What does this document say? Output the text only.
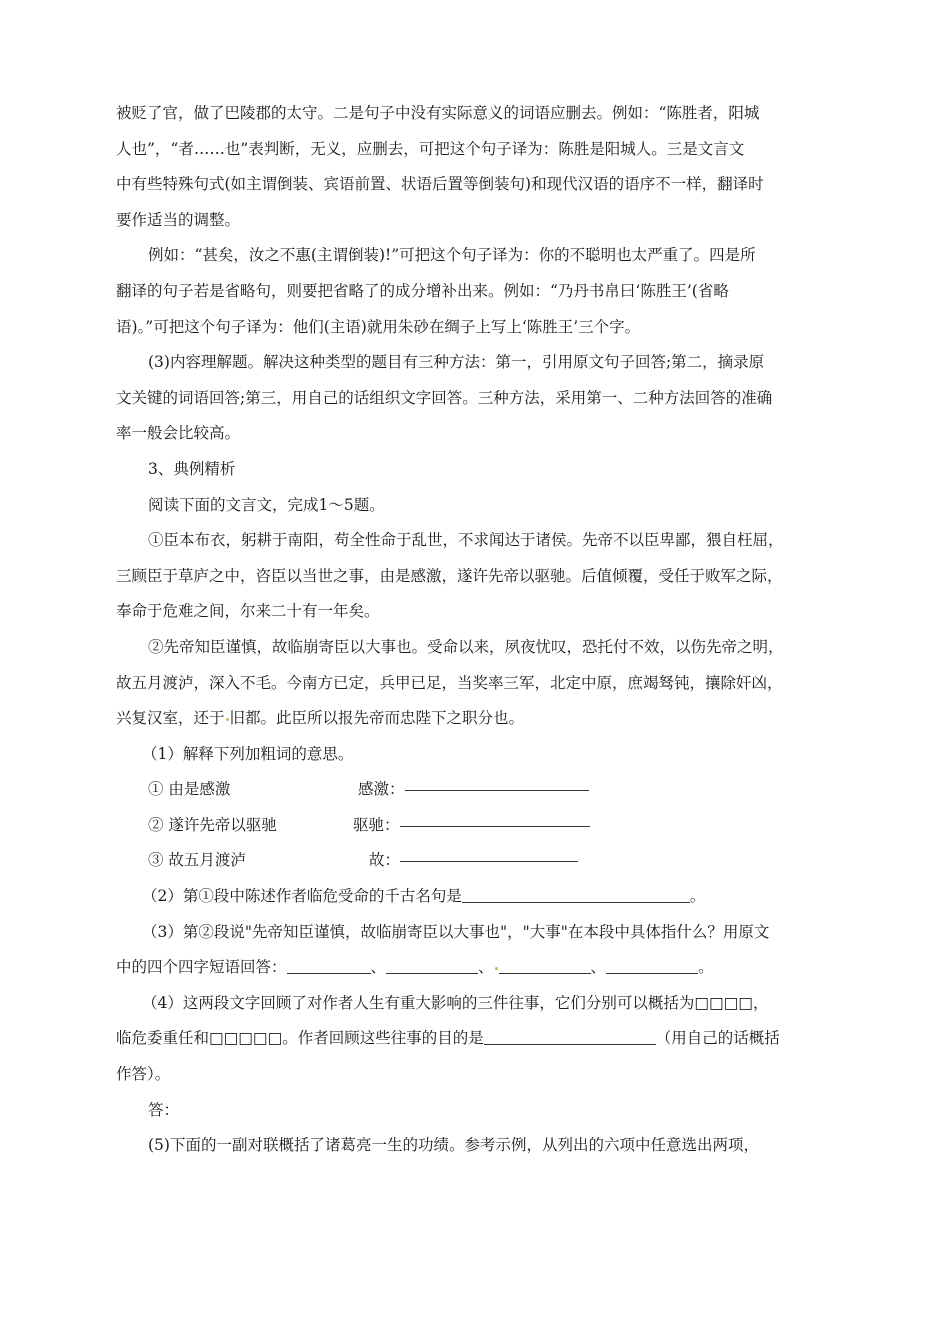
被贬了官，做了巴陵郡的太守。二是句子中没有实际意义的词语应删去。例如：“陈胜者，阳城
人也”，“者……也”表判断，无义，应删去，可把这个句子译为：陈胜是阳城人。三是文言文
中有些特殊句式(如主谓倒装、宾语前置、状语后置等倒装句)和现代汉语的语序不一样，翻译时
要作适当的调整。
例如：“甚矣，汝之不惠(主谓倒装)!”可把这个句子译为：你的不聪明也太严重了。四是所
翻译的句子若是省略句，则要把省略了的成分增补出来。例如：“乃丹书帛曰‘陈胜王’(省略
语)。”可把这个句子译为：他们(主语)就用朱砂在绸子上写上‘陈胜王’三个字。
(3)内容理解题。解决这种类型的题目有三种方法：第一，引用原文句子回答;第二，摘录原
文关键的词语回答;第三，用自己的话组织文字回答。三种方法，采用第一、二种方法回答的准确
率一般会比较高。
3、典例精析
阅读下面的文言文，完成1～5题。
①臣本布衣，躬耕于南阳，苟全性命于乱世，不求闻达于诸侯。先帝不以臣卑鄙，猥自枉屈，
三顾臣于草庐之中，咨臣以当世之事，由是感激，遂许先帝以驱驰。后值倾覆，受任于败军之际，
奉命于危难之间，尔来二十有一年矣。
②先帝知臣谨慎，故临崩寄臣以大事也。受命以来，夙夜忧叹，恐托付不效，以伤先帝之明，
故五月渡泸，深入不毛。今南方已定，兵甲已足，当奖率三军，北定中原，庶竭驽钝，攘除奸凶，
兴复汉室，还于 旧都。此臣所以报先帝而忠陛下之职分也。
（1）解释下列加粗词的意思。
① 由是感激	感激：
② 遂许先帝以驱驰	驱驰：
③ 故五月渡泸	故：
（2）第①段中陈述作者临危受命的千古名句是	。
（3）第②段说"先帝知臣谨慎，故临崩寄臣以大事也"，"大事"在本段中具体指什么？用原文
中的四个四字短语回答：	、	、	、	。
（4）这两段文字回顾了对作者人生有重大影响的三件往事，它们分别可以概括为□□□□，
临危委重任和□□□□□。作者回顾这些往事的目的是	（用自己的话概括
作答）。
答：
(5)下面的一副对联概括了诸葛亮一生的功绩。参考示例，从列出的六项中任意选出两项，
